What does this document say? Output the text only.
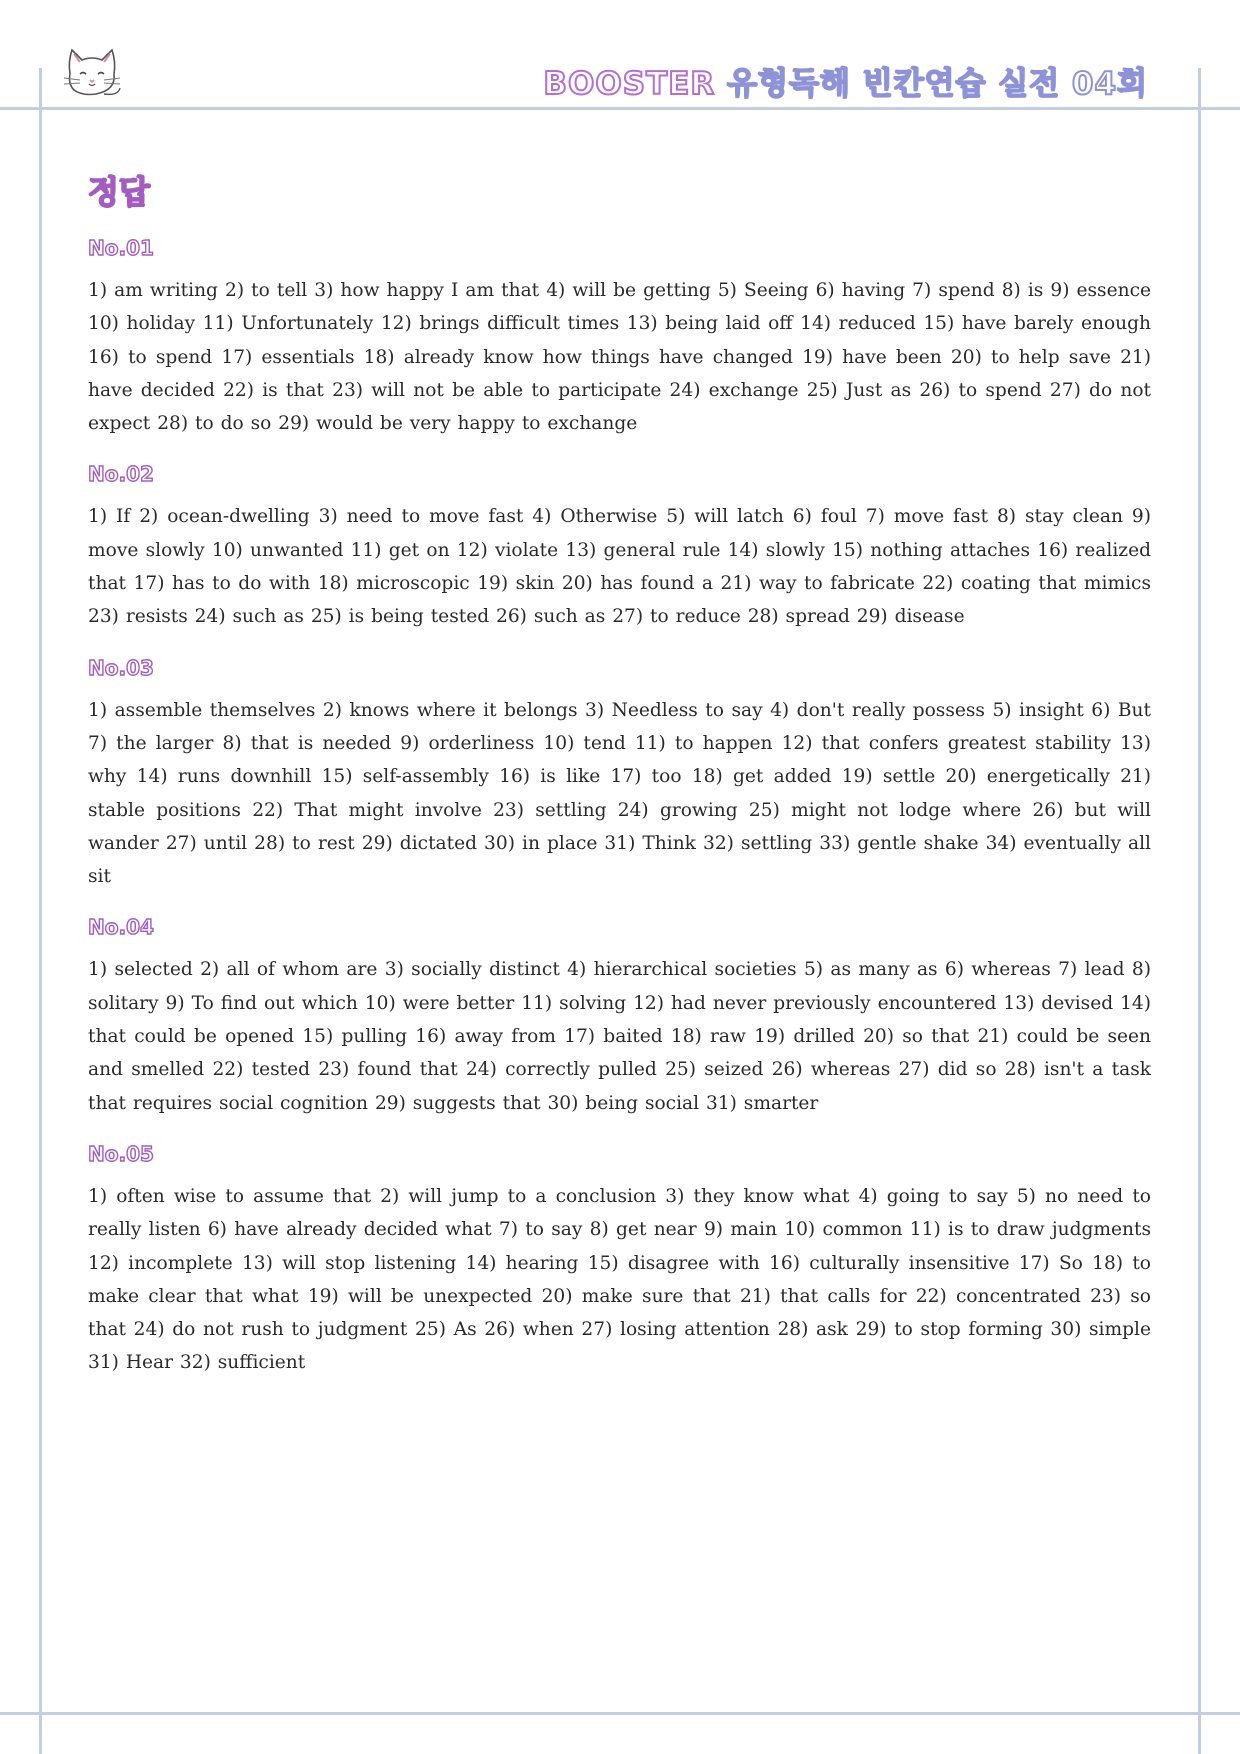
BOOSTER 유형독해 빈칸연습 실전 04회
정답
No.01

1) am writing 2) to tell 3) how happy I am that 4) will be getting 5) Seeing 6) having 7) spend 8) is 9) essence 10) holiday 11) Unfortunately 12) brings difficult times 13) being laid off 14) reduced 15) have barely enough 16) to spend 17) essentials 18) already know how things have changed 19) have been 20) to help save 21) have decided 22) is that 23) will not be able to participate 24) exchange 25) Just as 26) to spend 27) do not expect 28) to do so 29) would be very happy to exchange

No.02

1) If 2) ocean-dwelling 3) need to move fast 4) Otherwise 5) will latch 6) foul 7) move fast 8) stay clean 9) move slowly 10) unwanted 11) get on 12) violate 13) general rule 14) slowly 15) nothing attaches 16) realized that 17) has to do with 18) microscopic 19) skin 20) has found a 21) way to fabricate 22) coating that mimics 23) resists 24) such as 25) is being tested 26) such as 27) to reduce 28) spread 29) disease

No.03

1) assemble themselves 2) knows where it belongs 3) Needless to say 4) don't really possess 5) insight 6) But 7) the larger 8) that is needed 9) orderliness 10) tend 11) to happen 12) that confers greatest stability 13) why 14) runs downhill 15) self-assembly 16) is like 17) too 18) get added 19) settle 20) energetically 21) stable positions 22) That might involve 23) settling 24) growing 25) might not lodge where 26) but will wander 27) until 28) to rest 29) dictated 30) in place 31) Think 32) settling 33) gentle shake 34) eventually all sit

No.04

1) selected 2) all of whom are 3) socially distinct 4) hierarchical societies 5) as many as 6) whereas 7) lead 8) solitary 9) To find out which 10) were better 11) solving 12) had never previously encountered 13) devised 14) that could be opened 15) pulling 16) away from 17) baited 18) raw 19) drilled 20) so that 21) could be seen and smelled 22) tested 23) found that 24) correctly pulled 25) seized 26) whereas 27) did so 28) isn't a task that requires social cognition 29) suggests that 30) being social 31) smarter

No.05

1) often wise to assume that 2) will jump to a conclusion 3) they know what 4) going to say 5) no need to really listen 6) have already decided what 7) to say 8) get near 9) main 10) common 11) is to draw judgments 12) incomplete 13) will stop listening 14) hearing 15) disagree with 16) culturally insensitive 17) So 18) to make clear that what 19) will be unexpected 20) make sure that 21) that calls for 22) concentrated 23) so that 24) do not rush to judgment 25) As 26) when 27) losing attention 28) ask 29) to stop forming 30) simple 31) Hear 32) sufficient
